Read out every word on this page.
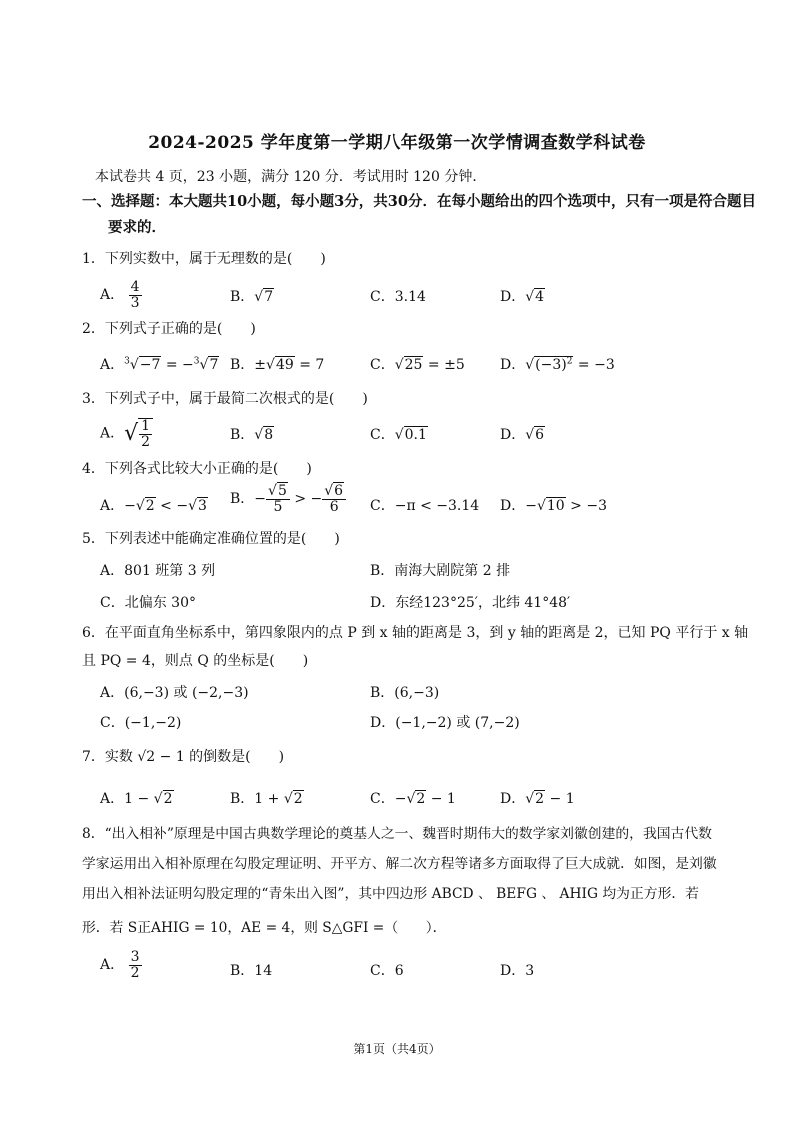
2024-2025 学年度第一学期八年级第一次学情调查数学科试卷
本试卷共 4 页，23 小题，满分 120 分．考试用时 120 分钟．
一、选择题：本大题共10小题，每小题3分，共30分．在每小题给出的四个选项中，只有一项是符合题目
要求的．
1．下列实数中，属于无理数的是(　　)
A． $\frac{4}{3}$	B．√7	C．3.14	D．√4
2．下列式子正确的是(　　)
A．$^3$√−7 = −$^3$√7 B．±√49 = 7	C．√25 = ±5	D．$√(-3)^2 = -3$
3．下列式子中，属于最简二次根式的是(　　)
A．√ $\frac{1}{2}$	B．√8	C．√0.1	D．√6
4．下列各式比较大小正确的是(　　)
A．−√2 < −√3 B．− $\frac{√5}{5}$ > − $\frac{√6}{6}$ C．−π < −3.14 D．−√10 > −3
5．下列表述中能确定准确位置的是(　　)
A．801 班第 3 列	B．南海大剧院第 2 排
C．北偏东 30°	D．东经123°25′，北纬 41°48′
6．在平面直角坐标系中，第四象限内的点 P 到 x 轴的距离是 3，到 y 轴的距离是 2，已知 PQ 平行于 x 轴
且 PQ = 4，则点 Q 的坐标是(　　)
A．(6,−3) 或 (−2,−3)	B．(6,−3)
C．(−1,−2)	D．(−1,−2) 或 (7,−2)
7．实数 √2 − 1 的倒数是(　　)
A．1 − √2	B．1 + √2	C．−√2 − 1	D．√2 − 1
8．“出入相补”原理是中国古典数学理论的奠基人之一、魏晋时期伟大的数学家刘徽创建的，我国古代数
学家运用出入相补原理在勾股定理证明、开平方、解二次方程等诸多方面取得了巨大成就．如图，是刘徽
用出入相补法证明勾股定理的“青朱出入图”，其中四边形 ABCD 、 BEFG 、 AHIG 均为正方形．若
形．若 S正AHIG = 10，AE = 4，则 S△GFI =（　　）．
A． $\frac{3}{2}$	B．14	C．6	D．3
第1页（共4页）
